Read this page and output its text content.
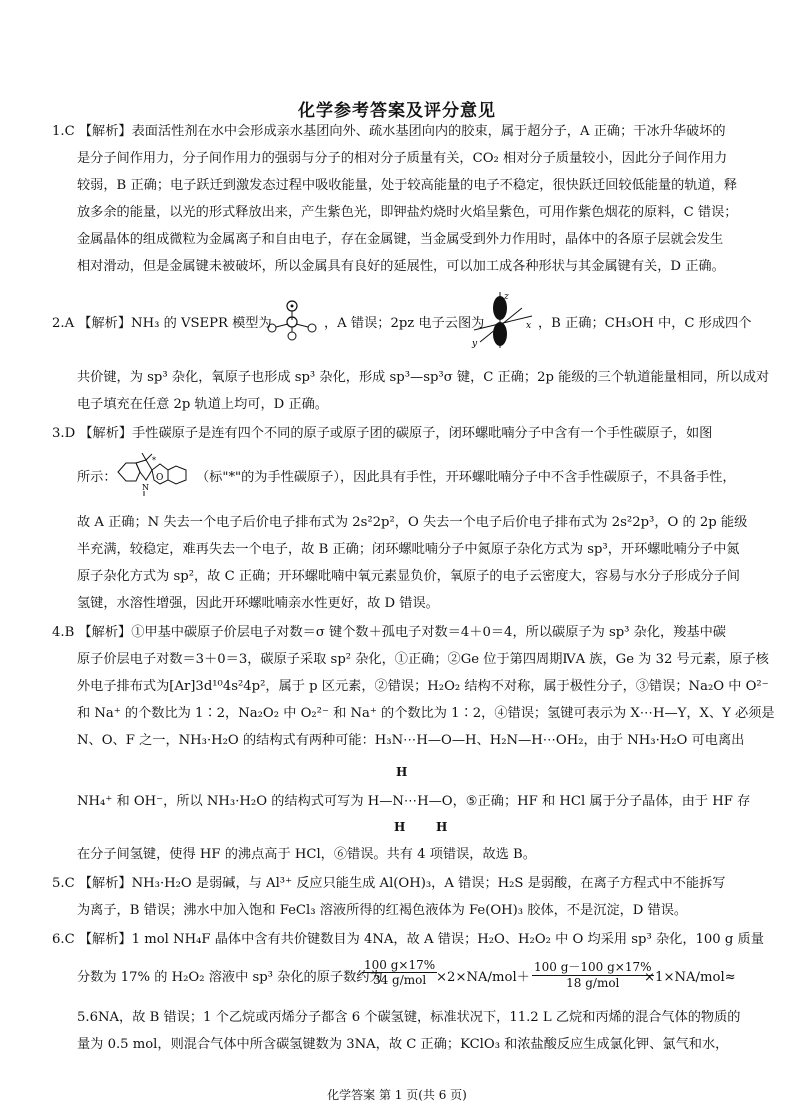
化学参考答案及评分意见
1.C 【解析】表面活性剂在水中会形成亲水基团向外、疏水基团向内的胶束，属于超分子，A 正确；干冰升华破坏的
是分子间作用力，分子间作用力的强弱与分子的相对分子质量有关，CO₂ 相对分子质量较小，因此分子间作用力
较弱，B 正确；电子跃迁到激发态过程中吸收能量，处于较高能量的电子不稳定，很快跃迁回较低能量的轨道，释
放多余的能量，以光的形式释放出来，产生紫色光，即钾盐灼烧时火焰呈紫色，可用作紫色烟花的原料，C 错误；
金属晶体的组成微粒为金属离子和自由电子，存在金属键，当金属受到外力作用时，晶体中的各原子层就会发生
相对滑动，但是金属键未被破坏，所以金属具有良好的延展性，可以加工成各种形状与其金属键有关，D 正确。
2.A 【解析】NH₃ 的 VSEPR 模型为	，A 错误；2pz 电子云图为
z
x
y
，B 正确；CH₃OH 中，C 形成四个
共价键，为 sp³ 杂化，氧原子也形成 sp³ 杂化，形成 sp³—sp³σ 键，C 正确；2p 能级的三个轨道能量相同，所以成对
电子填充在任意 2p 轨道上均可，D 正确。
3.D 【解析】手性碳原子是连有四个不同的原子或原子团的碳原子，闭环螺吡喃分子中含有一个手性碳原子，如图
所示：	O
N
*
（标"*"的为手性碳原子），因此具有手性，开环螺吡喃分子中不含手性碳原子，不具备手性，
故 A 正确；N 失去一个电子后价电子排布式为 2s²2p²，O 失去一个电子后价电子排布式为 2s²2p³，O 的 2p 能级
半充满，较稳定，难再失去一个电子，故 B 正确；闭环螺吡喃分子中氮原子杂化方式为 sp³，开环螺吡喃分子中氮
原子杂化方式为 sp²，故 C 正确；开环螺吡喃中氧元素显负价，氧原子的电子云密度大，容易与水分子形成分子间
氢键，水溶性增强，因此开环螺吡喃亲水性更好，故 D 错误。
4.B 【解析】①甲基中碳原子价层电子对数＝σ 键个数＋孤电子对数＝4＋0＝4，所以碳原子为 sp³ 杂化，羧基中碳
原子价层电子对数＝3＋0＝3，碳原子采取 sp² 杂化，①正确；②Ge 位于第四周期ⅣA 族，Ge 为 32 号元素，原子核
外电子排布式为[Ar]3d¹⁰4s²4p²，属于 p 区元素，②错误；H₂O₂ 结构不对称，属于极性分子，③错误；Na₂O 中 O²⁻
和 Na⁺ 的个数比为 1∶2，Na₂O₂ 中 O₂²⁻ 和 Na⁺ 的个数比为 1∶2，④错误；氢键可表示为 X⋯H—Y，X、Y 必须是
N、O、F 之一，NH₃·H₂O 的结构式有两种可能：H₃N⋯H—O—H、H₂N—H⋯OH₂，由于 NH₃·H₂O 可电离出
H
NH₄⁺ 和 OH⁻，所以 NH₃·H₂O 的结构式可写为 H—N⋯H—O，⑤正确；HF 和 HCl 属于分子晶体，由于 HF 存
H	H
在分子间氢键，使得 HF 的沸点高于 HCl，⑥错误。共有 4 项错误，故选 B。
5.C 【解析】NH₃·H₂O 是弱碱，与 Al³⁺ 反应只能生成 Al(OH)₃，A 错误；H₂S 是弱酸，在离子方程式中不能拆写
为离子，B 错误；沸水中加入饱和 FeCl₃ 溶液所得的红褐色液体为 Fe(OH)₃ 胶体，不是沉淀，D 错误。
6.C 【解析】1 mol NH₄F 晶体中含有共价键数目为 4NA，故 A 错误；H₂O、H₂O₂ 中 O 均采用 sp³ 杂化，100 g 质量
分数为 17% 的 H₂O₂ 溶液中 sp³ 杂化的原子数约为
100 g×17%
34 g/mol ×2×NA/mol＋
100 g－100 g×17%
18 g/mol	×1×NA/mol≈
5.6NA，故 B 错误；1 个乙烷或丙烯分子都含 6 个碳氢键，标准状况下，11.2 L 乙烷和丙烯的混合气体的物质的
量为 0.5 mol，则混合气体中所含碳氢键数为 3NA，故 C 正确；KClO₃ 和浓盐酸反应生成氯化钾、氯气和水，
化学答案 第 1 页(共 6 页)
